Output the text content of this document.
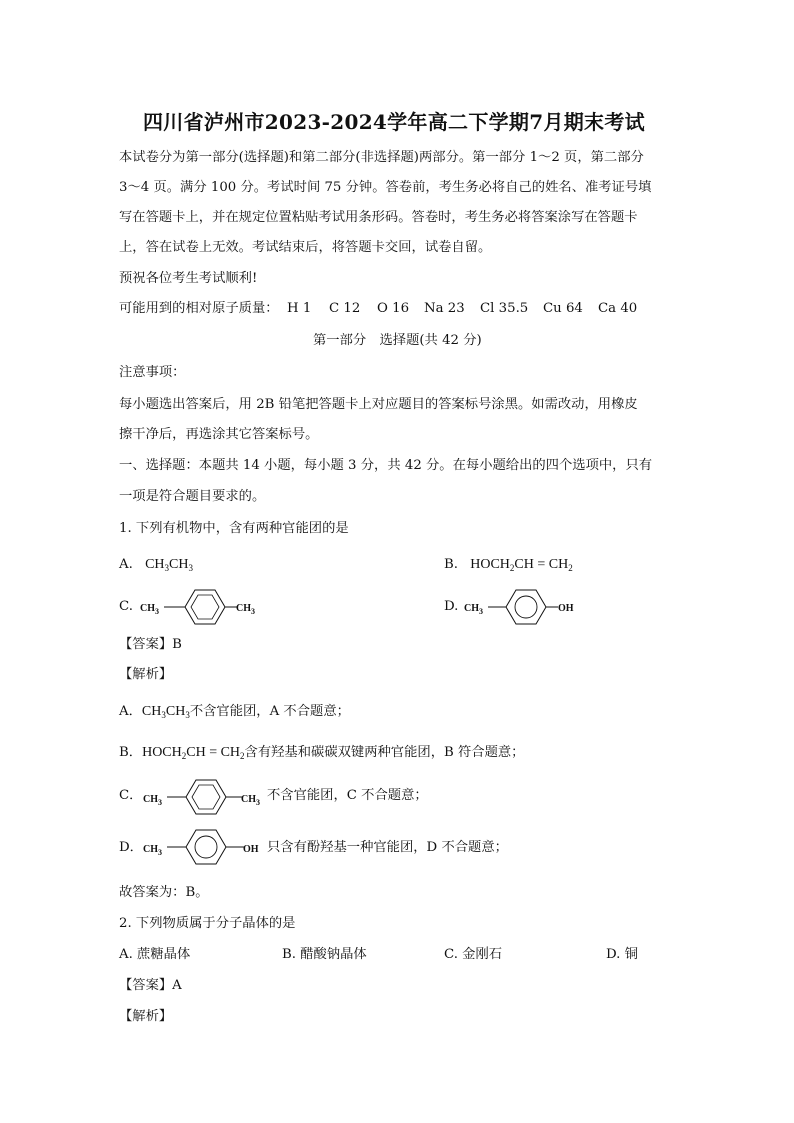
四川省泸州市2023-2024学年高二下学期7月期末考试
本试卷分为第一部分(选择题)和第二部分(非选择题)两部分。第一部分 1～2 页，第二部分
3～4 页。满分 100 分。考试时间 75 分钟。答卷前，考生务必将自己的姓名、准考证号填
写在答题卡上，并在规定位置粘贴考试用条形码。答卷时，考生务必将答案涂写在答题卡
上，答在试卷上无效。考试结束后，将答题卡交回，试卷自留。
预祝各位考生考试顺利!
可能用到的相对原子质量： H 1 C 12 O 16 Na 23 Cl 35.5 Cu 64 Ca 40
第一部分　选择题(共 42 分)
注意事项：
每小题选出答案后，用 2B 铅笔把答题卡上对应题目的答案标号涂黑。如需改动，用橡皮
擦干净后，再选涂其它答案标号。
一、选择题：本题共 14 小题，每小题 3 分，共 42 分。在每小题给出的四个选项中，只有
一项是符合题目要求的。
1. 下列有机物中，含有两种官能团的是
A. $CH_3CH_3$	B. $HOCH_2CH = CH_2$
C. $CH_3$	$CH_3$	D. $CH_3$	OH
【答案】B
【解析】
A．$CH_3CH_3$不含官能团，A 不合题意；
B．$HOCH_2CH = CH_2$含有羟基和碳碳双键两种官能团，B 符合题意；
C． $CH_3$	$CH_3$ 不含官能团，C 不合题意；
D． $CH_3$	OH 只含有酚羟基一种官能团，D 不合题意；
故答案为：B。
2. 下列物质属于分子晶体的是
A. 蔗糖晶体	B. 醋酸钠晶体	C. 金刚石	D. 铜
【答案】A
【解析】
